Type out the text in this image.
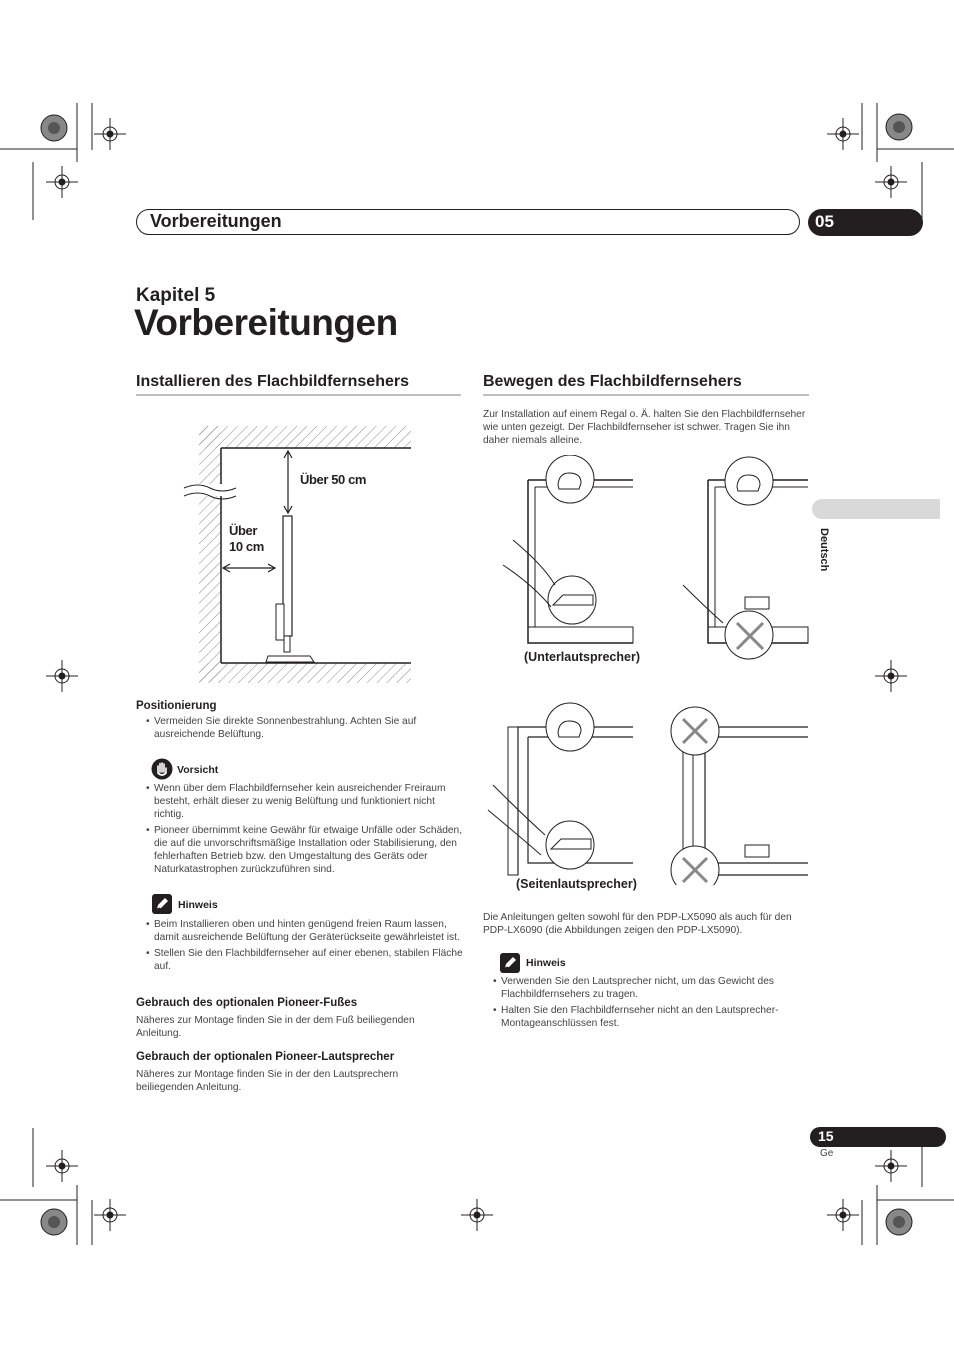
Vorbereitungen	05
Kapitel 5
Vorbereitungen
Deutsch
Installieren des Flachbildfernsehers
Über 50 cm
Über
10 cm
Positionierung
• Vermeiden Sie direkte Sonnenbestrahlung. Achten Sie auf ausreichende Belüftung.
Vorsicht
• Wenn über dem Flachbildfernseher kein ausreichender Freiraum besteht, erhält dieser zu wenig Belüftung und funktioniert nicht richtig.
• Pioneer übernimmt keine Gewähr für etwaige Unfälle oder Schäden, die auf die unvorschriftsmäßige Installation oder Stabilisierung, den fehlerhaften Betrieb bzw. den Umgestaltung des Geräts oder Naturkatastrophen zurückzuführen sind.
Hinweis
• Beim Installieren oben und hinten genügend freien Raum lassen, damit ausreichende Belüftung der Geräterückseite gewährleistet ist.
• Stellen Sie den Flachbildfernseher auf einer ebenen, stabilen Fläche auf.
Gebrauch des optionalen Pioneer-Fußes
Näheres zur Montage finden Sie in der dem Fuß beiliegenden Anleitung.
Gebrauch der optionalen Pioneer-Lautsprecher
Näheres zur Montage finden Sie in der den Lautsprechern beiliegenden Anleitung.
Bewegen des Flachbildfernsehers
Zur Installation auf einem Regal o. Ä. halten Sie den Flachbildfernseher wie unten gezeigt. Der Flachbildfernseher ist schwer. Tragen Sie ihn daher niemals alleine.
(Unterlautsprecher)
(Seitenlautsprecher)
Die Anleitungen gelten sowohl für den PDP-LX5090 als auch für den PDP-LX6090 (die Abbildungen zeigen den PDP-LX5090).
Hinweis
• Verwenden Sie den Lautsprecher nicht, um das Gewicht des Flachbildfernsehers zu tragen.
• Halten Sie den Flachbildfernseher nicht an den Lautsprecher-Montageanschlüssen fest.
15
Ge
